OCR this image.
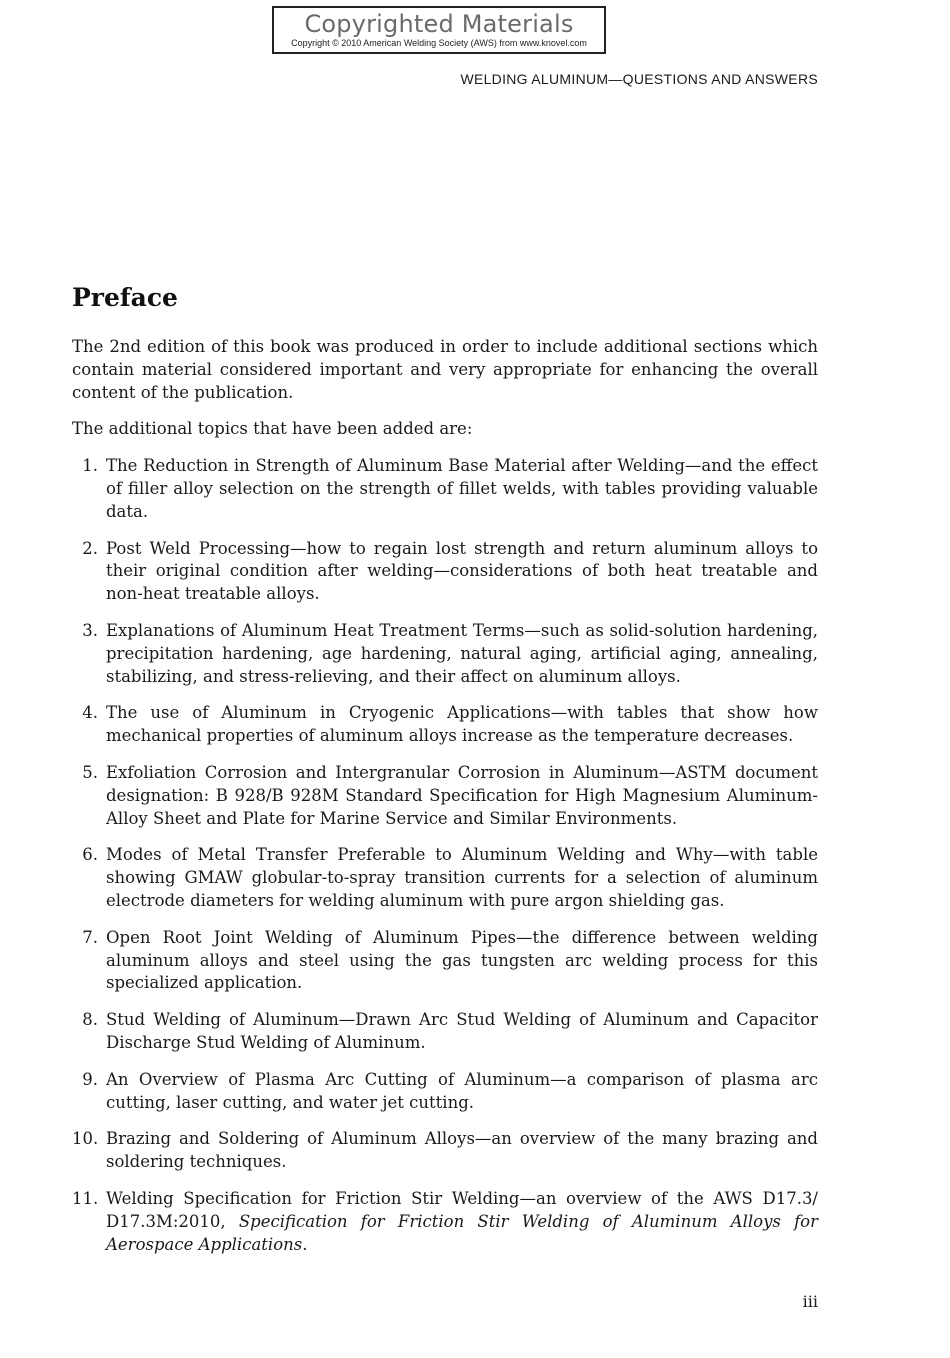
Copyrighted Materials
Copyright © 2010 American Welding Society (AWS) from www.knovel.com
WELDING ALUMINUM—QUESTIONS AND ANSWERS
Preface

The 2nd edition of this book was produced in order to include additional sections which contain material considered important and very appropriate for enhancing the overall content of the publication.

The additional topics that have been added are:

1. The Reduction in Strength of Aluminum Base Material after Welding—and the effect of filler alloy selection on the strength of fillet welds, with tables providing valuable data.
2. Post Weld Processing—how to regain lost strength and return aluminum alloys to their original condition after welding—considerations of both heat treatable and non-heat treatable alloys.
3. Explanations of Aluminum Heat Treatment Terms—such as solid-solution hardening, precipitation hardening, age hardening, natural aging, artificial aging, annealing, stabilizing, and stress-relieving, and their affect on aluminum alloys.
4. The use of Aluminum in Cryogenic Applications—with tables that show how mechanical properties of aluminum alloys increase as the temperature decreases.
5. Exfoliation Corrosion and Intergranular Corrosion in Aluminum—ASTM document designation: B 928/B 928M Standard Specification for High Magnesium Aluminum-Alloy Sheet and Plate for Marine Service and Similar Environments.
6. Modes of Metal Transfer Preferable to Aluminum Welding and Why—with table showing GMAW globular-to-spray transition currents for a selection of aluminum electrode diameters for welding aluminum with pure argon shielding gas.
7. Open Root Joint Welding of Aluminum Pipes—the difference between welding aluminum alloys and steel using the gas tungsten arc welding process for this specialized application.
8. Stud Welding of Aluminum—Drawn Arc Stud Welding of Aluminum and Capacitor Discharge Stud Welding of Aluminum.
9. An Overview of Plasma Arc Cutting of Aluminum—a comparison of plasma arc cutting, laser cutting, and water jet cutting.
10. Brazing and Soldering of Aluminum Alloys—an overview of the many brazing and soldering techniques.
11. Welding Specification for Friction Stir Welding—an overview of the AWS D17.3/ D17.3M:2010, Specification for Friction Stir Welding of Aluminum Alloys for Aerospace Applications.
iii
